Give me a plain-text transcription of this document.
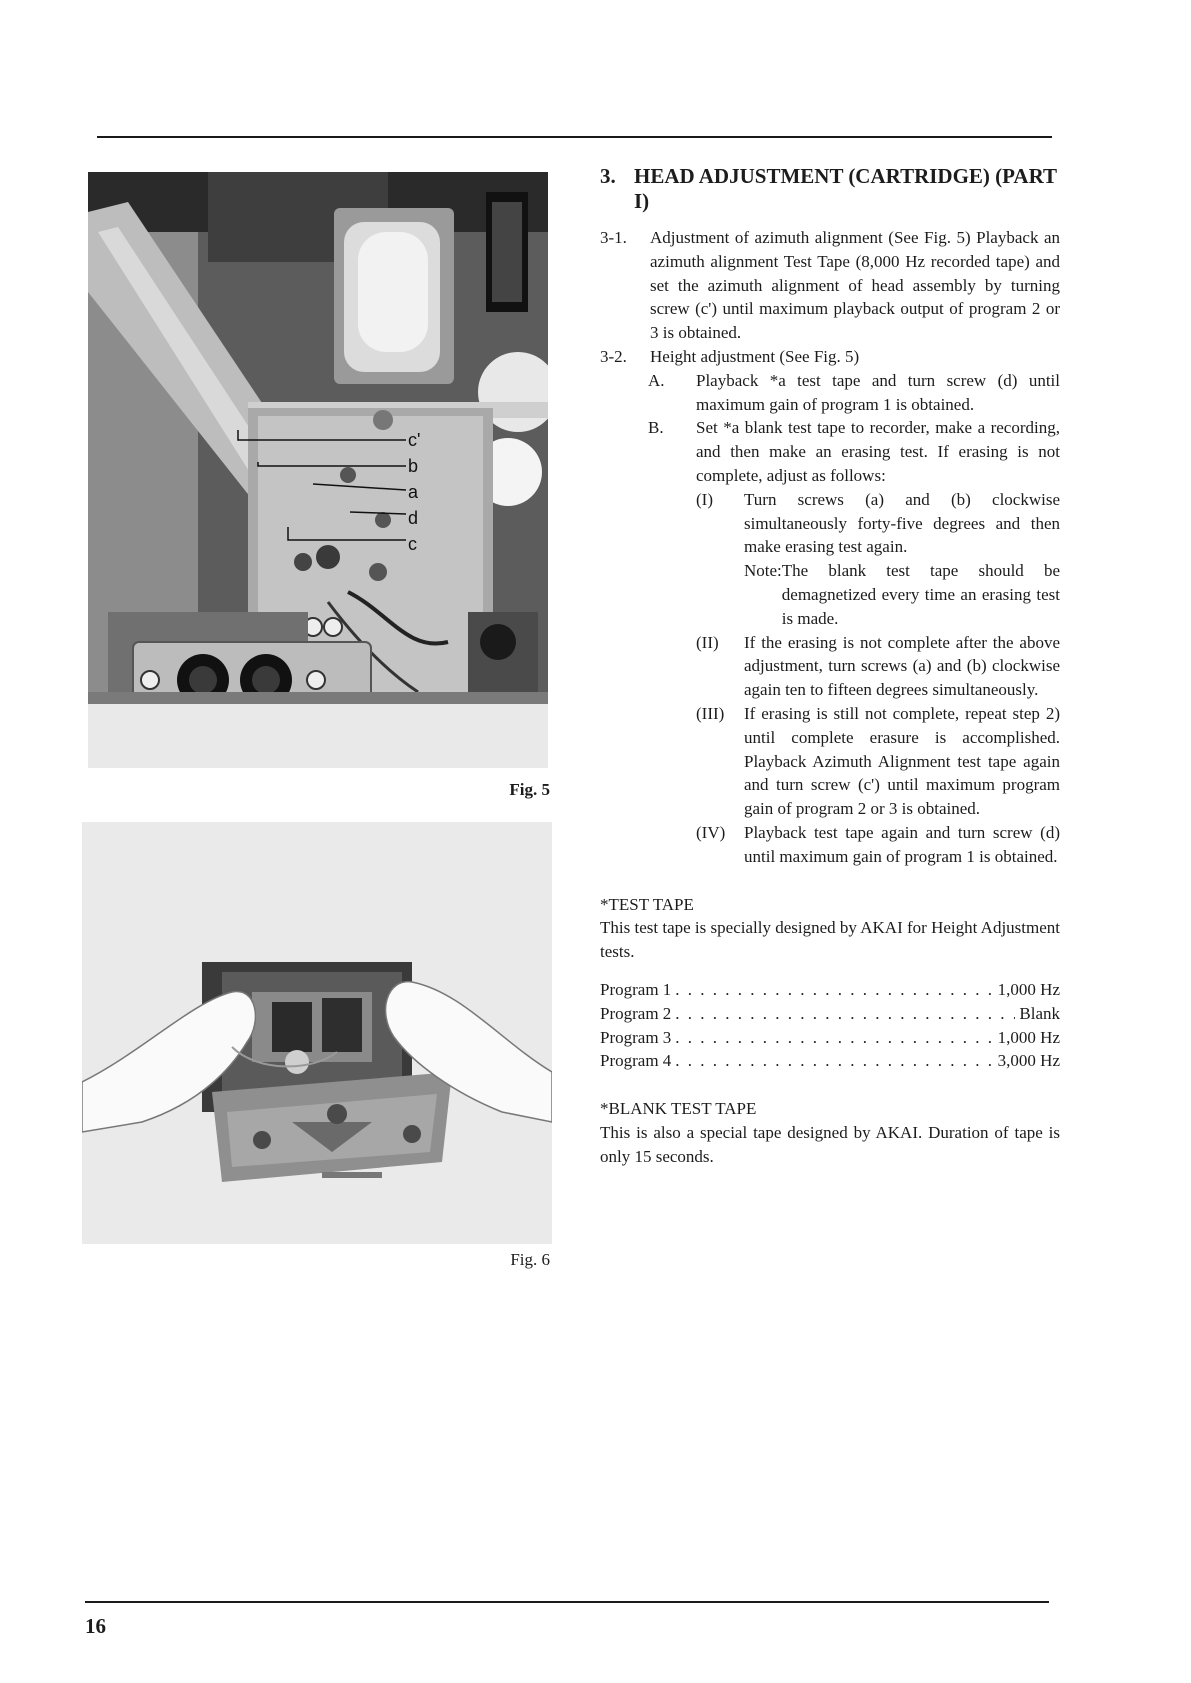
c'
b
a
d
c
Fig. 5
Fig. 6
3. HEAD ADJUSTMENT (CARTRIDGE) (PART I)
3-1.	Adjustment of azimuth alignment (See Fig. 5) Playback an azimuth alignment Test Tape (8,000 Hz recorded tape) and set the azimuth alignment of head assembly by turning screw (c') until maximum playback output of program 2 or 3 is obtained.
3-2.	Height adjustment (See Fig. 5)
A.	Playback *a test tape and turn screw (d) until maximum gain of program 1 is obtained.
B.	Set *a blank test tape to recorder, make a recording, and then make an erasing test. If erasing is not complete, adjust as follows:
(I)	Turn screws (a) and (b) clockwise simultaneously forty-five degrees and then make erasing test again.
Note: The blank test tape should be demagnetized every time an erasing test is made.
(II)	If the erasing is not complete after the above adjustment, turn screws (a) and (b) clockwise again ten to fifteen degrees simultaneously.
(III)	If erasing is still not complete, repeat step 2) until complete erasure is accomplished. Playback Azimuth Alignment test tape again and turn screw (c') until maximum program gain of program 2 or 3 is obtained.
(IV)	Playback test tape again and turn screw (d) until maximum gain of program 1 is obtained.
*TEST TAPE
This test tape is specially designed by AKAI for Height Adjustment tests.
Program 1 . . .	1,000 Hz
Program 2 . . .	Blank
Program 3 . . .	1,000 Hz
Program 4 . . .	3,000 Hz
*BLANK TEST TAPE
This is also a special tape designed by AKAI. Duration of tape is only 15 seconds.
16
